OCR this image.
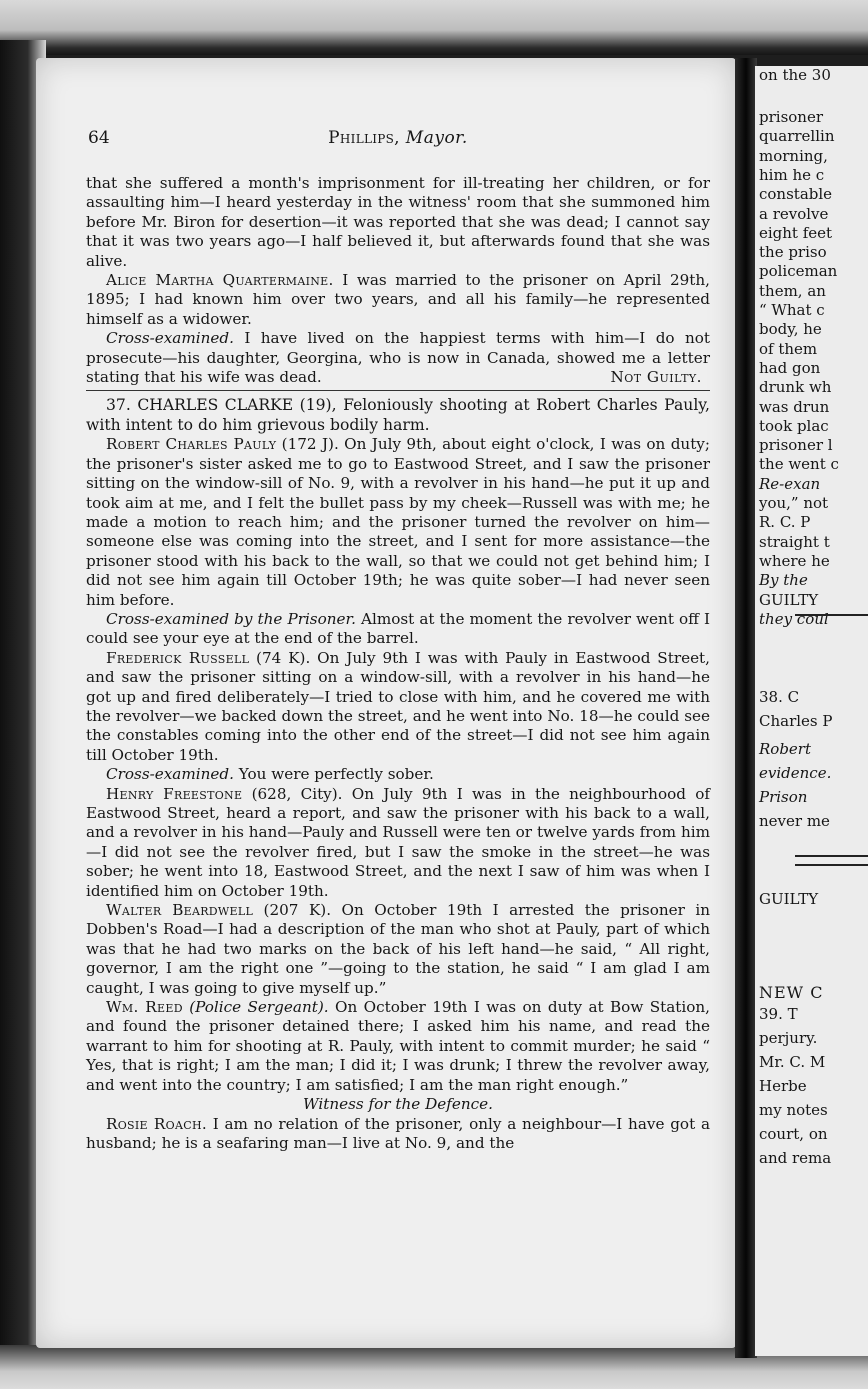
64	Phillips, Mayor.

that she suffered a month's imprisonment for ill-treating her children, or for assaulting him—I heard yesterday in the witness' room that she summoned him before Mr. Biron for desertion—it was reported that she was dead; I cannot say that it was two years ago—I half believed it, but afterwards found that she was alive.

Alice Martha Quartermaine. I was married to the prisoner on April 29th, 1895; I had known him over two years, and all his family—he represented himself as a widower.

Cross-examined. I have lived on the happiest terms with him—I do not prosecute—his daughter, Georgina, who is now in Canada, showed me a letter stating that his wife was dead.	Not Guilty.

37. CHARLES CLARKE (19), Feloniously shooting at Robert Charles Pauly, with intent to do him grievous bodily harm.

Robert Charles Pauly (172 J). On July 9th, about eight o'clock, I was on duty; the prisoner's sister asked me to go to Eastwood Street, and I saw the prisoner sitting on the window-sill of No. 9, with a revolver in his hand—he put it up and took aim at me, and I felt the bullet pass by my cheek—Russell was with me; he made a motion to reach him; and the prisoner turned the revolver on him—someone else was coming into the street, and I sent for more assistance—the prisoner stood with his back to the wall, so that we could not get behind him; I did not see him again till October 19th; he was quite sober—I had never seen him before.

Cross-examined by the Prisoner. Almost at the moment the revolver went off I could see your eye at the end of the barrel.

Frederick Russell (74 K). On July 9th I was with Pauly in Eastwood Street, and saw the prisoner sitting on a window-sill, with a revolver in his hand—he got up and fired deliberately—I tried to close with him, and he covered me with the revolver—we backed down the street, and he went into No. 18—he could see the constables coming into the other end of the street—I did not see him again till October 19th.

Cross-examined. You were perfectly sober.

Henry Freestone (628, City). On July 9th I was in the neighbourhood of Eastwood Street, heard a report, and saw the prisoner with his back to a wall, and a revolver in his hand—Pauly and Russell were ten or twelve yards from him—I did not see the revolver fired, but I saw the smoke in the street—he was sober; he went into 18, Eastwood Street, and the next I saw of him was when I identified him on October 19th.

Walter Beardwell (207 K). On October 19th I arrested the prisoner in Dobben's Road—I had a description of the man who shot at Pauly, part of which was that he had two marks on the back of his left hand—he said, “ All right, governor, I am the right one ”—going to the station, he said “ I am glad I am caught, I was going to give myself up.”

Wm. Reed (Police Sergeant). On October 19th I was on duty at Bow Station, and found the prisoner detained there; I asked him his name, and read the warrant to him for shooting at R. Pauly, with intent to commit murder; he said “ Yes, that is right; I am the man; I did it; I was drunk; I threw the revolver away, and went into the country; I am satisfied; I am the man right enough.”

Witness for the Defence.

Rosie Roach. I am no relation of the prisoner, only a neighbour—I have got a husband; he is a seafaring man—I live at No. 9, and the

prisoner
quarrellin
morning,
him he c
constable
a revolve
eight feet
the priso
policeman
them, an
“ What c
body, he
of them
had gon
drunk wh
was drun
took plac
prisoner l
the went c
Re-exan
you,” not
R. C. P
straight t
where he
By the
GUILTY
they coul
38. C
Charles P
Robert
evidence.
Prison
never me
GUILTY
NEW C
39. T
perjury.
Mr. C. M
Herbe
my notes
court, on
and rema
on the 30
